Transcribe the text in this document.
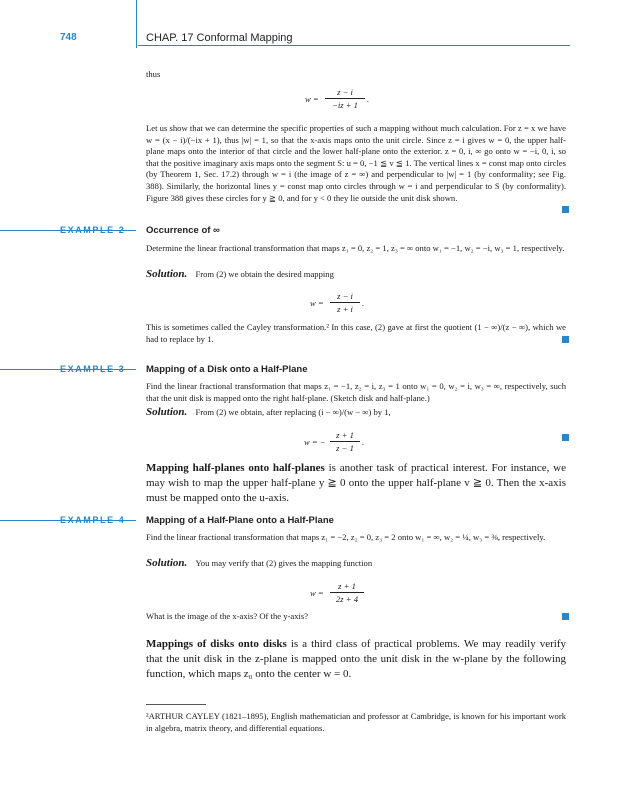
748	CHAP. 17 Conformal Mapping
thus
w =
z − i
−iz + 1
.
Let us show that we can determine the specific properties of such a mapping without much calculation. For z = x we have w = (x − i)/(−ix + 1), thus |w| = 1, so that the x-axis maps onto the unit circle. Since z = i gives w = 0, the upper half-plane maps onto the interior of that circle and the lower half-plane onto the exterior. z = 0, i, ∞ go onto w = −i, 0, i, so that the positive imaginary axis maps onto the segment S: u = 0, −1 ≦ v ≦ 1. The vertical lines x = const map onto circles (by Theorem 1, Sec. 17.2) through w = i (the image of z = ∞) and perpendicular to |w| = 1 (by conformality; see Fig. 388). Similarly, the horizontal lines y = const map onto circles through w = i and perpendicular to S (by conformality). Figure 388 gives these circles for y ≧ 0, and for y < 0 they lie outside the unit disk shown.
EXAMPLE 2 Occurrence of ∞
Determine the linear fractional transformation that maps z₁ = 0, z₂ = 1, z₃ = ∞ onto w₁ = −1, w₂ = −i, w₃ = 1, respectively.
Solution. From (2) we obtain the desired mapping
w =
z − i
z + i
.
This is sometimes called the Cayley transformation.² In this case, (2) gave at first the quotient (1 − ∞)/(z − ∞), which we had to replace by 1.
EXAMPLE 3 Mapping of a Disk onto a Half-Plane
Find the linear fractional transformation that maps z₁ = −1, z₂ = i, z₃ = 1 onto w₁ = 0, w₂ = i, w₃ = ∞, respectively, such that the unit disk is mapped onto the right half-plane. (Sketch disk and half-plane.)
Solution. From (2) we obtain, after replacing (i − ∞)/(w − ∞) by 1,
w = −
z + 1
z − 1
.
Mapping half-planes onto half-planes is another task of practical interest. For instance, we may wish to map the upper half-plane y ≧ 0 onto the upper half-plane v ≧ 0. Then the x-axis must be mapped onto the u-axis.
EXAMPLE 4 Mapping of a Half-Plane onto a Half-Plane
Find the linear fractional transformation that maps z₁ = −2, z₂ = 0, z₃ = 2 onto w₁ = ∞, w₂ = ¼, w₃ = ⅜, respectively.
Solution. You may verify that (2) gives the mapping function
w =
z + 1
2z + 4
What is the image of the x-axis? Of the y-axis?
Mappings of disks onto disks is a third class of practical problems. We may readily verify that the unit disk in the z-plane is mapped onto the unit disk in the w-plane by the following function, which maps z₀ onto the center w = 0.
²ARTHUR CAYLEY (1821–1895), English mathematician and professor at Cambridge, is known for his important work in algebra, matrix theory, and differential equations.
